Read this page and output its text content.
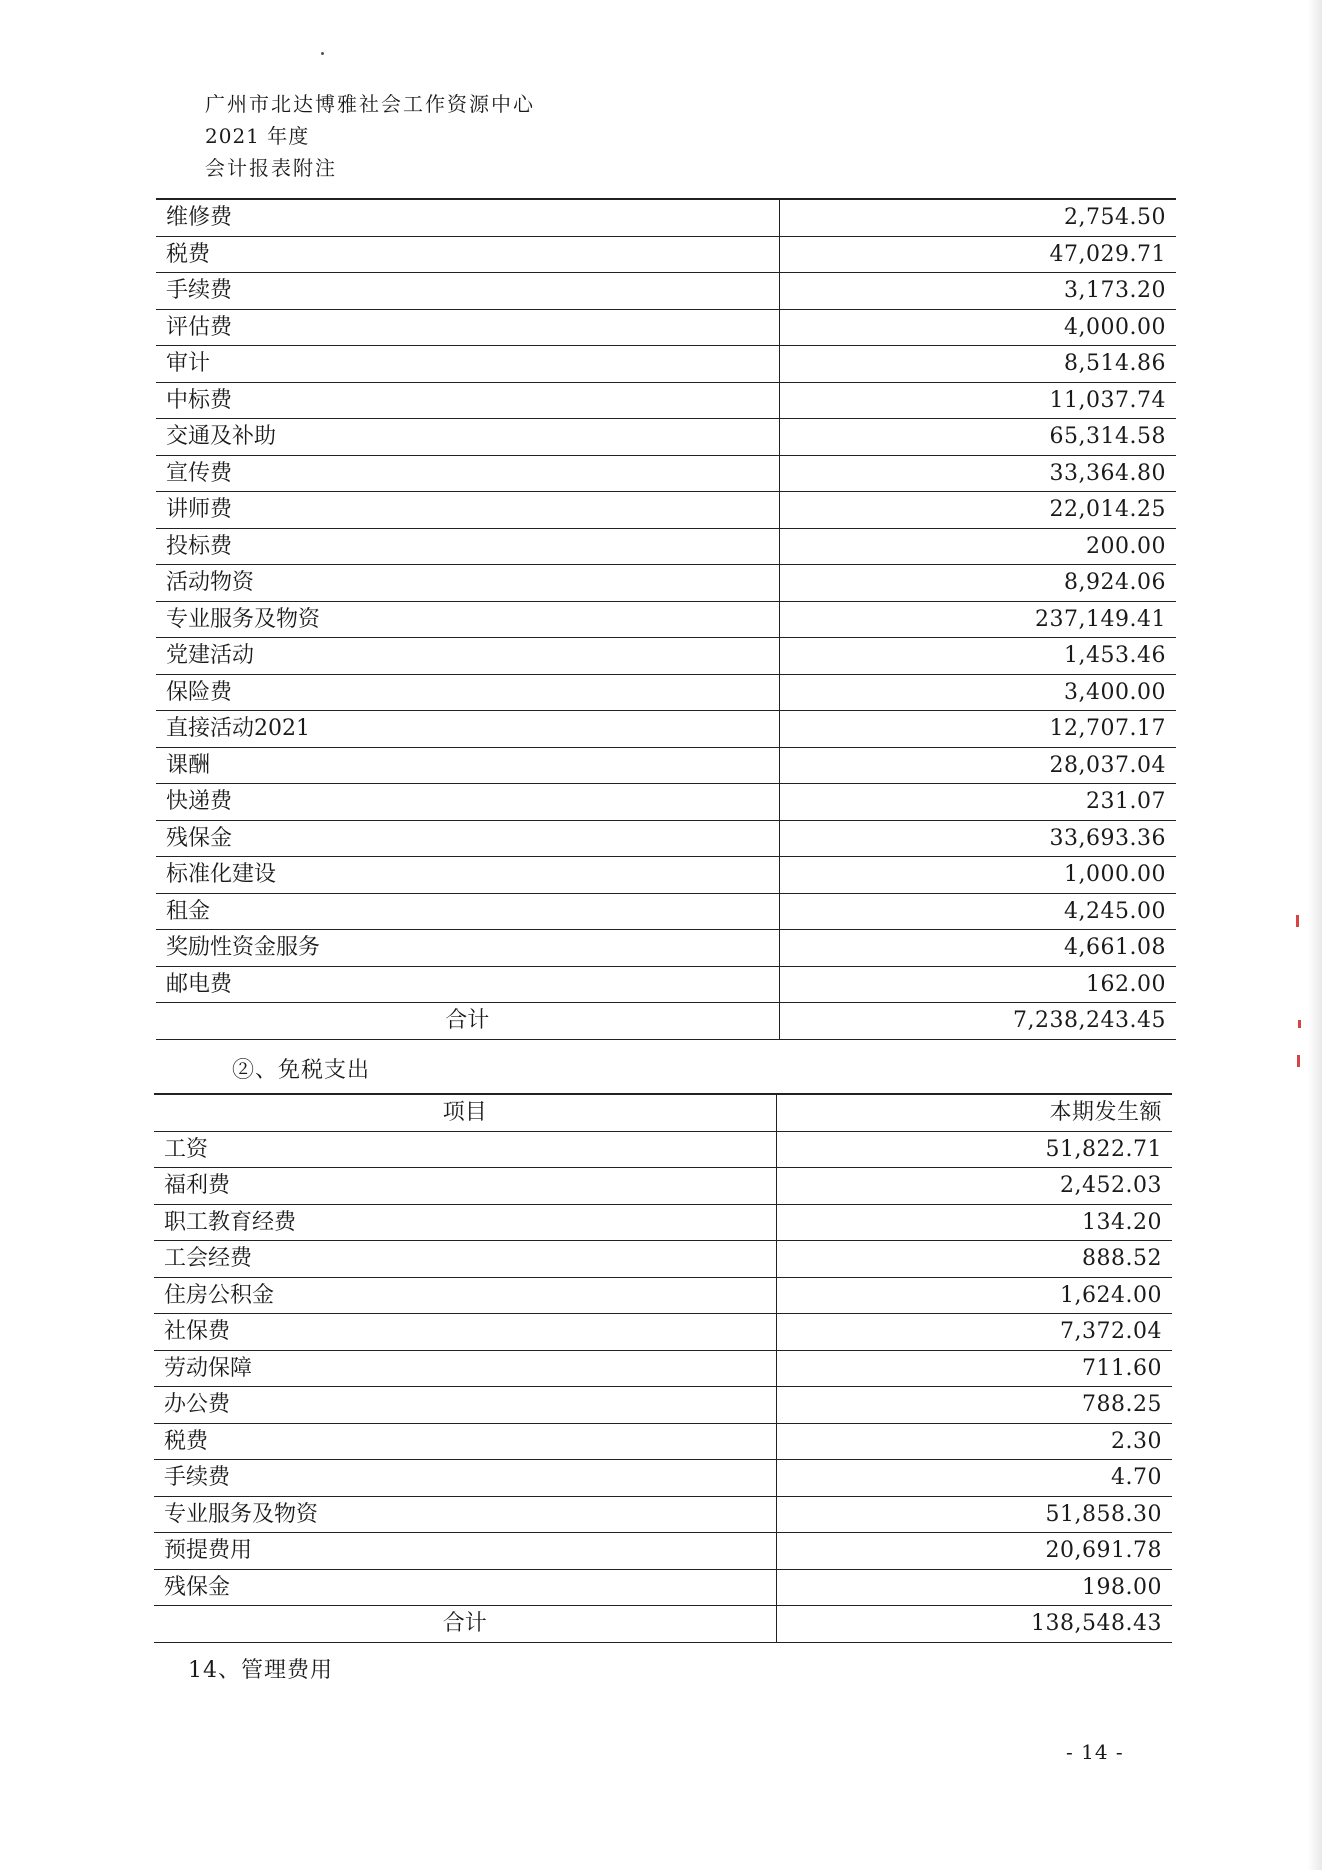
广州市北达博雅社会工作资源中心
2021 年度
会计报表附注
维修费	2,754.50
税费	47,029.71
手续费	3,173.20
评估费	4,000.00
审计	8,514.86
中标费	11,037.74
交通及补助	65,314.58
宣传费	33,364.80
讲师费	22,014.25
投标费	200.00
活动物资	8,924.06
专业服务及物资	237,149.41
党建活动	1,453.46
保险费	3,400.00
直接活动2021	12,707.17
课酬	28,037.04
快递费	231.07
残保金	33,693.36
标准化建设	1,000.00
租金	4,245.00
奖励性资金服务	4,661.08
邮电费	162.00
合计	7,238,243.45
②、免税支出
项目	本期发生额
工资	51,822.71
福利费	2,452.03
职工教育经费	134.20
工会经费	888.52
住房公积金	1,624.00
社保费	7,372.04
劳动保障	711.60
办公费	788.25
税费	2.30
手续费	4.70
专业服务及物资	51,858.30
预提费用	20,691.78
残保金	198.00
合计	138,548.43
14、管理费用
- 14 -
